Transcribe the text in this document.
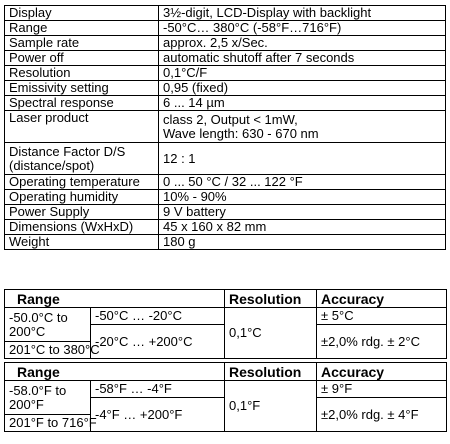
Display	3½-digit, LCD-Display with backlight
Range	-50°C… 380°C (-58°F…716°F)
Sample rate	approx. 2,5 x/Sec.
Power off	automatic shutoff after 7 seconds
Resolution	0,1°C/F
Emissivity setting	0,95 (fixed)
Spectral response	6 ... 14 µm
Laser product	class 2, Output < 1mW,
Wave length: 630 - 670 nm
Distance Factor D/S
(distance/spot)	12 : 1
Operating temperature	0 ... 50 °C / 32 ... 122 °F
Operating humidity	10% - 90%
Power Supply	9 V battery
Dimensions (WxHxD)	45 x 160 x 82 mm
Weight	180 g
Range		Resolution	Accuracy
-50.0°C to 200°C	-50°C … -20°C	0,1°C	± 5°C
	-20°C … +200°C		±2,0% rdg. ± 2°C
201°C to 380°C			
Range		Resolution	Accuracy
-58.0°F to 200°F	-58°F … -4°F	0,1°F	± 9°F
	-4°F … +200°F		±2,0% rdg. ± 4°F
201°F to 716°F			
